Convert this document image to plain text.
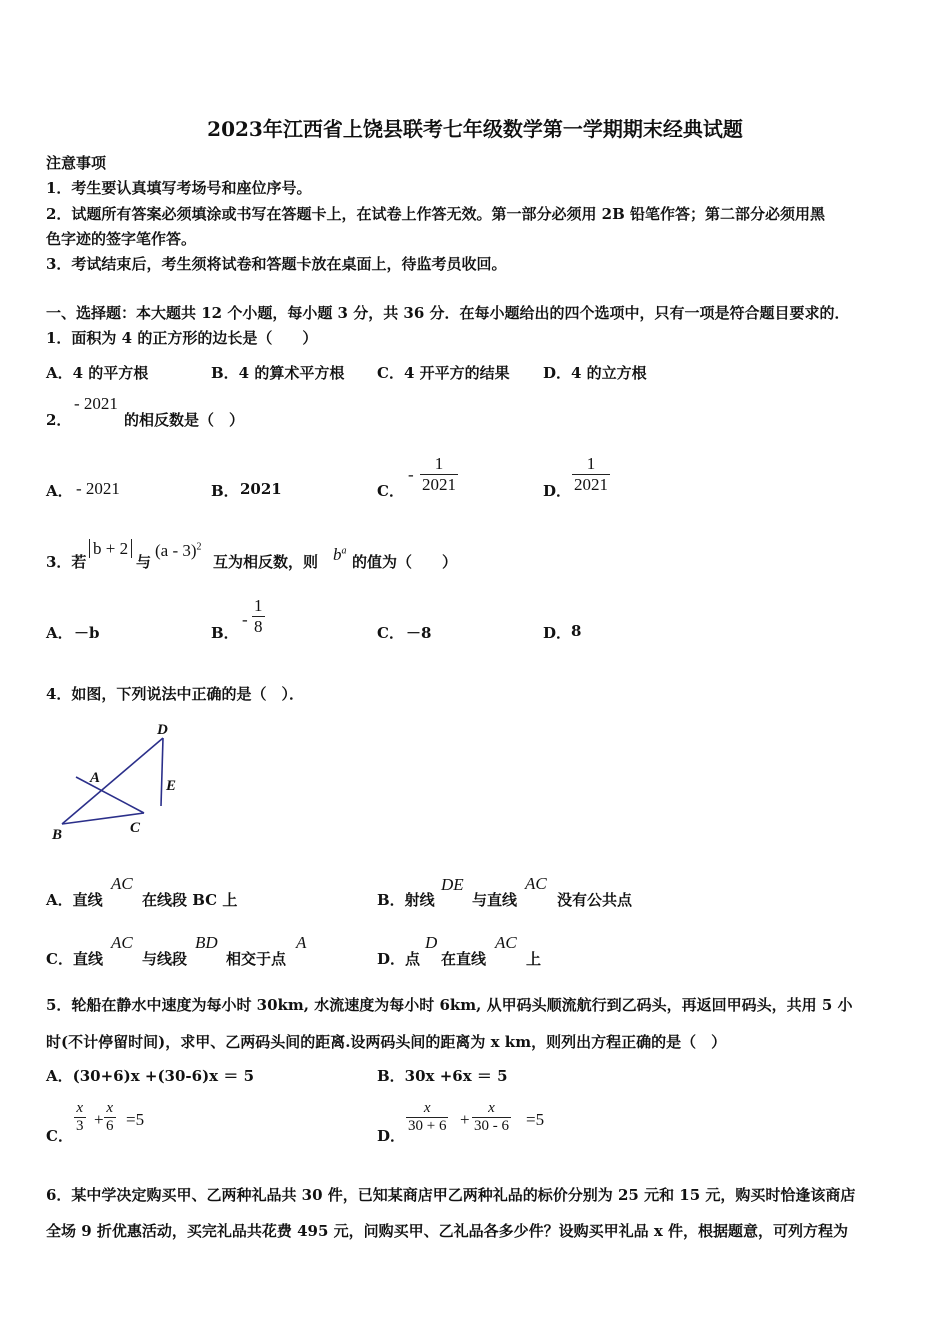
2023年江西省上饶县联考七年级数学第一学期期末经典试题
注意事项
1．考生要认真填写考场号和座位序号。
2．试题所有答案必须填涂或书写在答题卡上，在试卷上作答无效。第一部分必须用 2B 铅笔作答；第二部分必须用黑
色字迹的签字笔作答。
3．考试结束后，考生须将试卷和答题卡放在桌面上，待监考员收回。
一、选择题：本大题共 12 个小题，每小题 3 分，共 36 分．在每小题给出的四个选项中，只有一项是符合题目要求的．
1．面积为 4 的正方形的边长是（　　）
A．4 的平方根	B．4 的算术平方根 C．4 开平方的结果 D．4 的立方根
2．
- 2021
的相反数是（　）
A． - 2021	B． 2021	C．
- $\frac{1}{2021}$	D． $\frac{1}{2021}$
3．若
b + 2
与
(a - 3)$^2$
互为相反数，则 $b^a$
的值为（　　）
A． －b	B．
- $\frac{1}{8}$	C． －8	D． 8
4．如图，下列说法中正确的是（　）．
D
A	E
B	C
A．直线
AC
在线段 BC 上	B．射线
DE
与直线
AC
没有公共点
C．直线
AC
与线段
BD
相交于点
A
D．点
D
在直线
AC
上
5．轮船在静水中速度为每小时 30km, 水流速度为每小时 6km, 从甲码头顺流航行到乙码头，再返回甲码头，共用 5 小
时(不计停留时间)，求甲、乙两码头间的距离.设两码头间的距离为 x km，则列出方程正确的是（　）
A．(30+6)x +(30-6)x ＝ 5	B．30x +6x ＝ 5
C．
$\frac{x}{3} + \frac{x}{6} =5$
D．
$\frac{x}{30 + 6} + \frac{x}{30 - 6} =5$
6．某中学决定购买甲、乙两种礼品共 30 件，已知某商店甲乙两种礼品的标价分别为 25 元和 15 元，购买时恰逢该商店
全场 9 折优惠活动，买完礼品共花费 495 元，问购买甲、乙礼品各多少件？设购买甲礼品 x 件，根据题意，可列方程为
